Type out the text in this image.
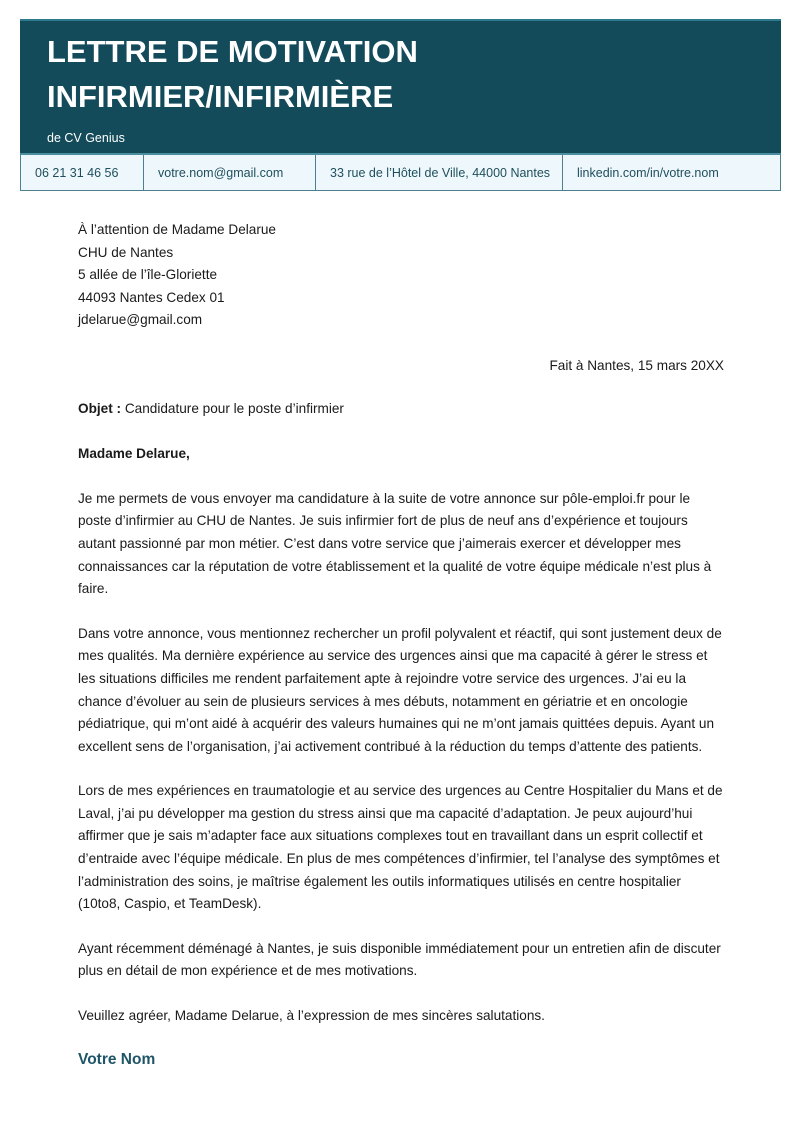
LETTRE DE MOTIVATION
INFIRMIER/INFIRMIÈRE
de CV Genius
06 21 31 46 56	votre.nom@gmail.com	33 rue de l’Hôtel de Ville, 44000 Nantes	linkedin.com/in/votre.nom
À l’attention de Madame Delarue
CHU de Nantes
5 allée de l’île-Gloriette
44093 Nantes Cedex 01
jdelarue@gmail.com
Fait à Nantes, 15 mars 20XX
Objet : Candidature pour le poste d’infirmier
Madame Delarue,

Je me permets de vous envoyer ma candidature à la suite de votre annonce sur pôle-emploi.fr pour le poste d’infirmier au CHU de Nantes. Je suis infirmier fort de plus de neuf ans d’expérience et toujours autant passionné par mon métier. C’est dans votre service que j’aimerais exercer et développer mes connaissances car la réputation de votre établissement et la qualité de votre équipe médicale n’est plus à faire.

Dans votre annonce, vous mentionnez rechercher un profil polyvalent et réactif, qui sont justement deux de mes qualités. Ma dernière expérience au service des urgences ainsi que ma capacité à gérer le stress et les situations difficiles me rendent parfaitement apte à rejoindre votre service des urgences. J’ai eu la chance d’évoluer au sein de plusieurs services à mes débuts, notamment en gériatrie et en oncologie pédiatrique, qui m’ont aidé à acquérir des valeurs humaines qui ne m’ont jamais quittées depuis. Ayant un excellent sens de l’organisation, j’ai activement contribué à la réduction du temps d’attente des patients.

Lors de mes expériences en traumatologie et au service des urgences au Centre Hospitalier du Mans et de Laval, j’ai pu développer ma gestion du stress ainsi que ma capacité d’adaptation. Je peux aujourd’hui affirmer que je sais m’adapter face aux situations complexes tout en travaillant dans un esprit collectif et d’entraide avec l’équipe médicale. En plus de mes compétences d’infirmier, tel l’analyse des symptômes et l’administration des soins, je maîtrise également les outils informatiques utilisés en centre hospitalier (10to8, Caspio, et TeamDesk).

Ayant récemment déménagé à Nantes, je suis disponible immédiatement pour un entretien afin de discuter plus en détail de mon expérience et de mes motivations.

Veuillez agréer, Madame Delarue, à l’expression de mes sincères salutations.

Votre Nom
